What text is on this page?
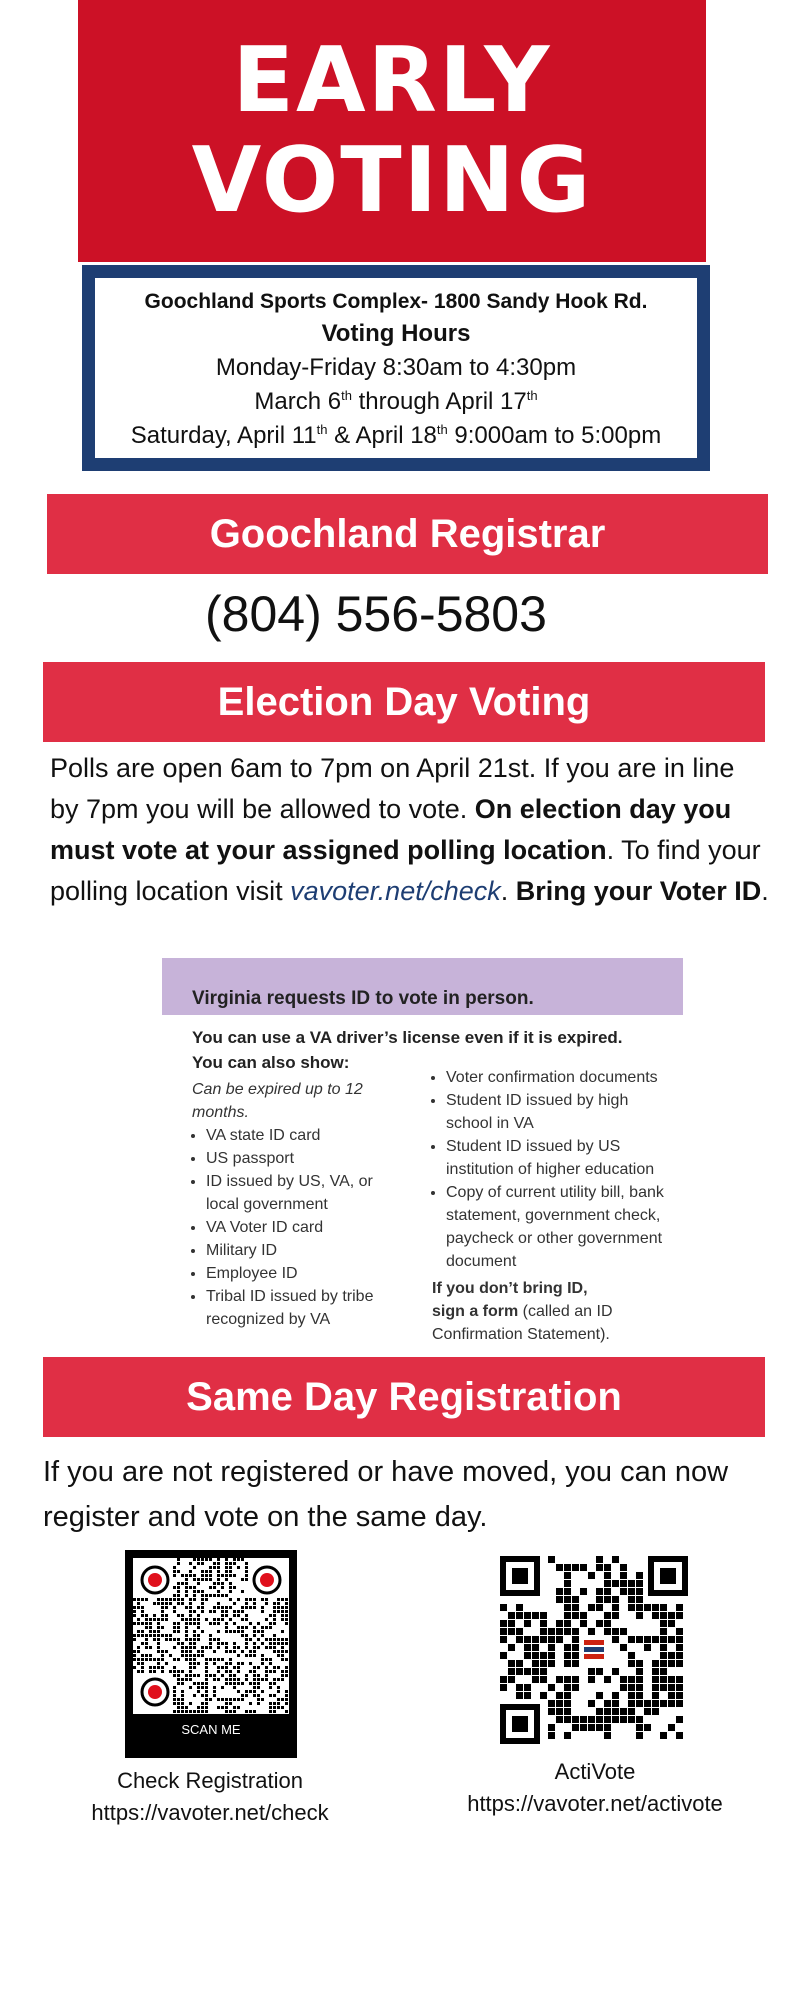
EARLY
VOTING
Goochland Sports Complex- 1800 Sandy Hook Rd.
Voting Hours
Monday-Friday 8:30am to 4:30pm
March 6th through April 17th
Saturday, April 11th & April 18th 9:000am to 5:00pm
Goochland Registrar
(804) 556-5803
Election Day Voting
Polls are open 6am to 7pm on April 21st. If you are in line by 7pm you will be allowed to vote. On election day you must vote at your assigned polling location. To find your polling location visit vavoter.net/check. Bring your Voter ID.
Virginia requests ID to vote in person.
You can use a VA driver’s license even if it is expired.
You can also show:
Can be expired up to 12 months.
• VA state ID card
• US passport
• ID issued by US, VA, or local government
• VA Voter ID card
• Military ID
• Employee ID
• Tribal ID issued by tribe recognized by VA
• Voter confirmation documents
• Student ID issued by high school in VA
• Student ID issued by US institution of higher education
• Copy of current utility bill, bank statement, government check, paycheck or other government document
If you don’t bring ID,
sign a form (called an ID Confirmation Statement).
Same Day Registration
If you are not registered or have moved, you can now register and vote on the same day.
SCAN ME
Check Registration
https://vavoter.net/check
ActiVote
https://vavoter.net/activote
